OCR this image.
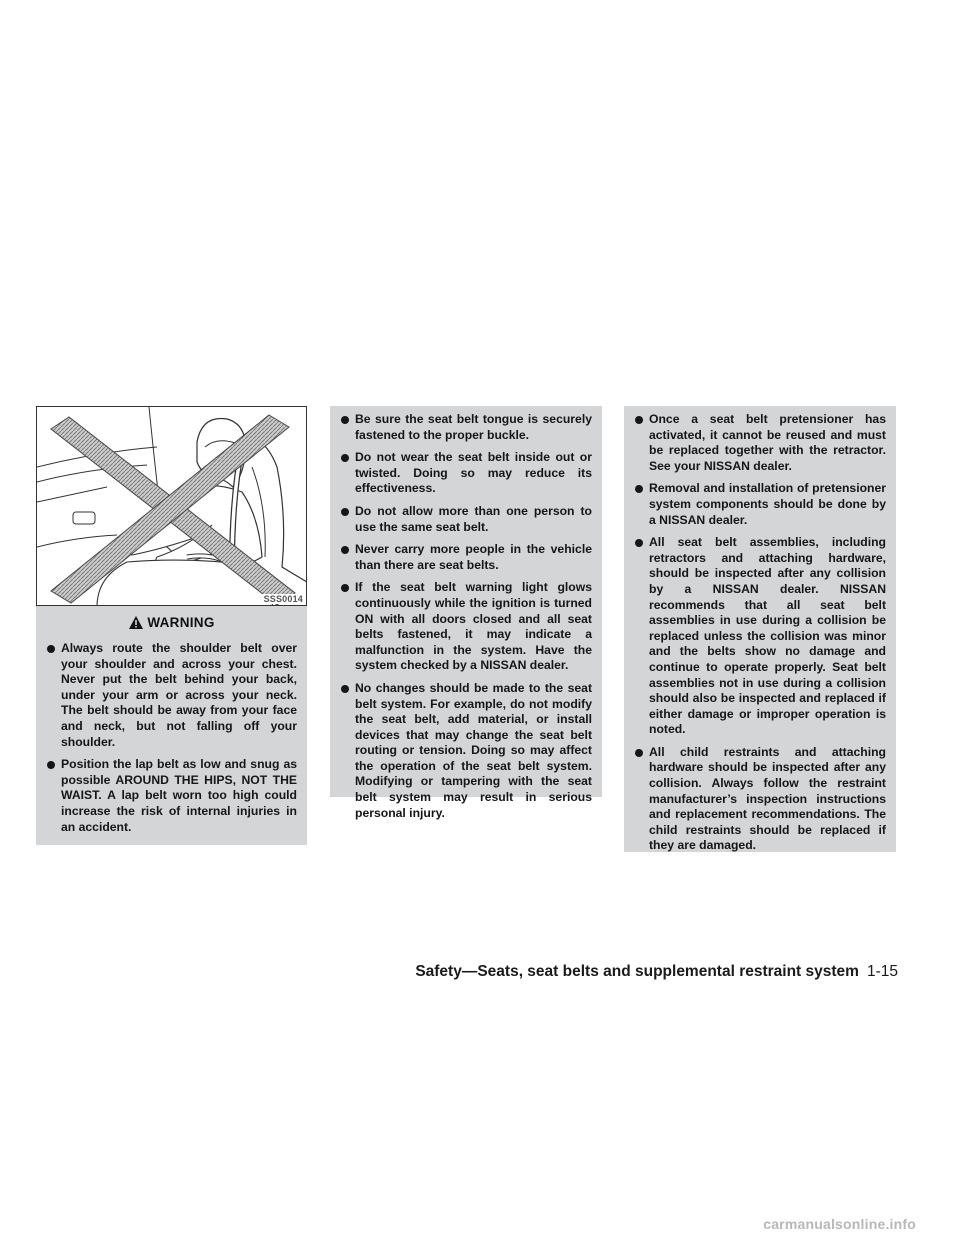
SSS0014
WARNING
Always route the shoulder belt over your shoulder and across your chest. Never put the belt behind your back, under your arm or across your neck. The belt should be away from your face and neck, but not falling off your shoulder.
Position the lap belt as low and snug as possible AROUND THE HIPS, NOT THE WAIST. A lap belt worn too high could increase the risk of internal injuries in an accident.
Be sure the seat belt tongue is securely fastened to the proper buckle.
Do not wear the seat belt inside out or twisted. Doing so may reduce its effectiveness.
Do not allow more than one person to use the same seat belt.
Never carry more people in the vehicle than there are seat belts.
If the seat belt warning light glows continuously while the ignition is turned ON with all doors closed and all seat belts fastened, it may indicate a malfunction in the system. Have the system checked by a NISSAN dealer.
No changes should be made to the seat belt system. For example, do not modify the seat belt, add material, or install devices that may change the seat belt routing or tension. Doing so may affect the operation of the seat belt system. Modifying or tampering with the seat belt system may result in serious personal injury.
Once a seat belt pretensioner has activated, it cannot be reused and must be replaced together with the retractor. See your NISSAN dealer.
Removal and installation of pretensioner system components should be done by a NISSAN dealer.
All seat belt assemblies, including retractors and attaching hardware, should be inspected after any collision by a NISSAN dealer. NISSAN recommends that all seat belt assemblies in use during a collision be replaced unless the collision was minor and the belts show no damage and continue to operate properly. Seat belt assemblies not in use during a collision should also be inspected and replaced if either damage or improper operation is noted.
All child restraints and attaching hardware should be inspected after any collision. Always follow the restraint manufacturer’s inspection instructions and replacement recommendations. The child restraints should be replaced if they are damaged.
Safety—Seats, seat belts and supplemental restraint system 1-15
carmanualsonline.info
